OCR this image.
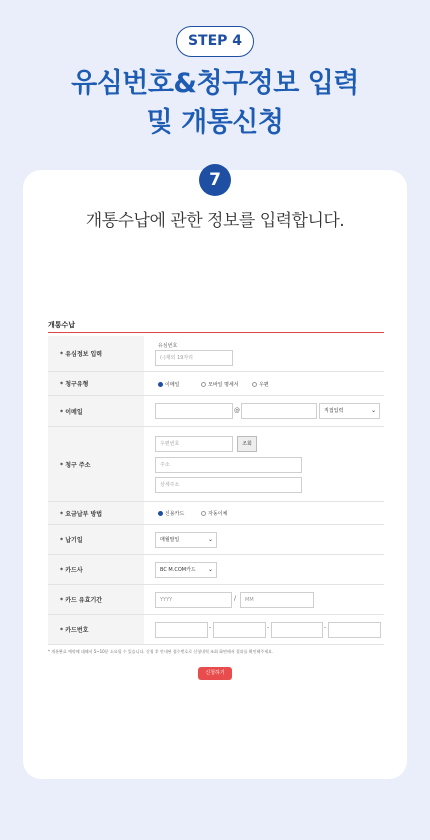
STEP 4
유심번호&청구정보 입력
및 개통신청
7
개통수납에 관한 정보를 입력합니다.
개통수납
* 유심정보 입력
유심번호
(-)제외 19자리
* 청구유형	이메일	모바일 명세서	우편
* 이메일	@	직접입력	⌄
* 청구 주소
우편번호	조회
주소
상세주소
* 요금납부 방법	신용카드	자동이체
* 납기일	매월말일	⌄
* 카드사	BC M.COM카드 ⌄
* 카드 유효기간	YYYY	/	MM
* 카드번호	-	-	-
* 개통완료 예약에 대해서 5~10분 소요될 수 있습니다. 신청 후 안내된 접수번호로 신청내역 조회 화면에서 결과를 확인해주세요.
신청하기
